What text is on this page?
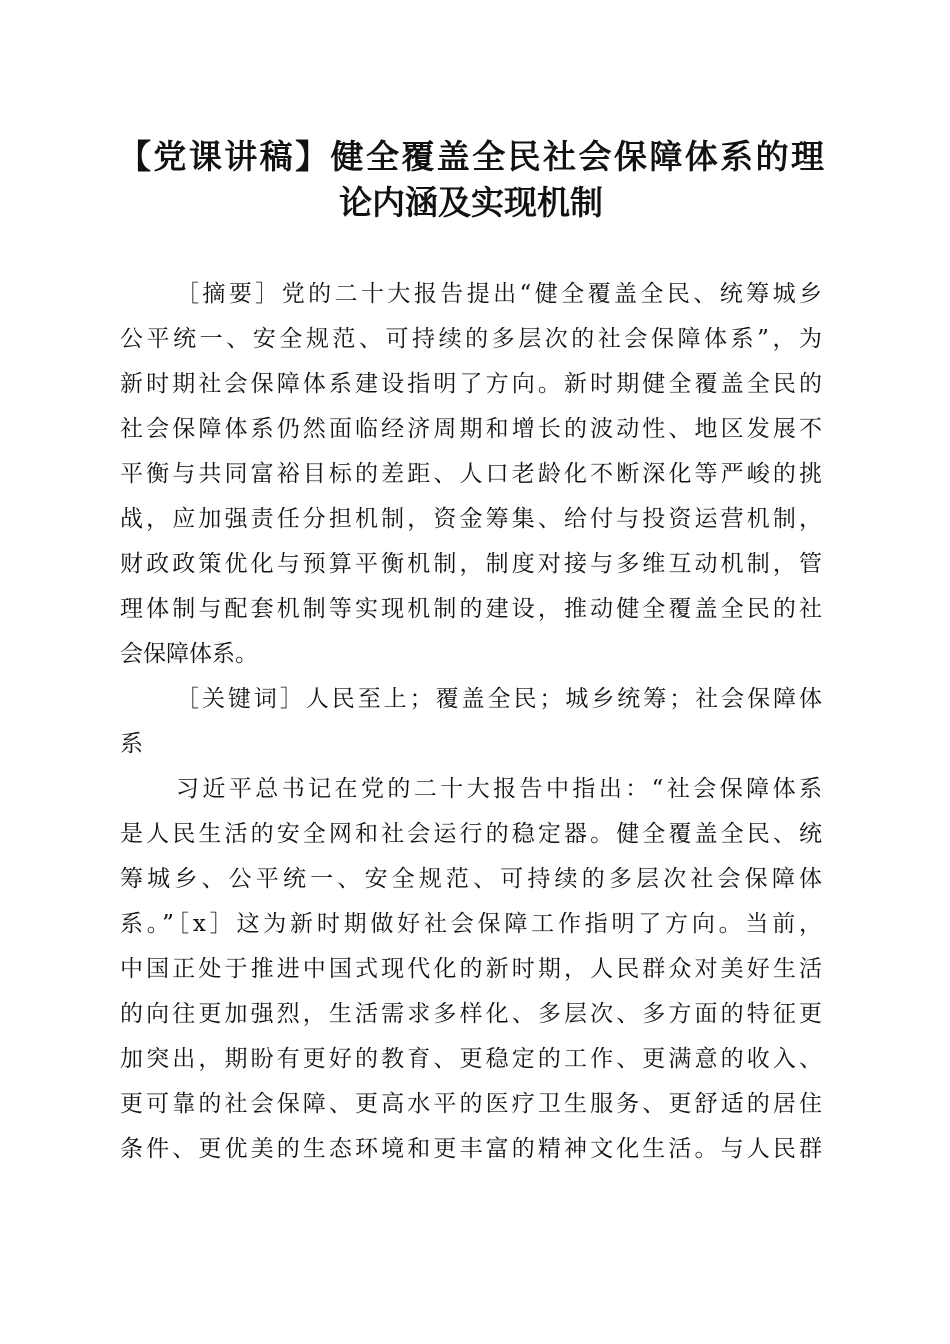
【党课讲稿】健全覆盖全民社会保障体系的理
论内涵及实现机制
［摘要］党的二十大报告提出“健全覆盖全民、统筹城乡
公平统一、安全规范、可持续的多层次的社会保障体系”，为
新时期社会保障体系建设指明了方向。新时期健全覆盖全民的
社会保障体系仍然面临经济周期和增长的波动性、地区发展不
平衡与共同富裕目标的差距、人口老龄化不断深化等严峻的挑
战，应加强责任分担机制，资金筹集、给付与投资运营机制，
财政政策优化与预算平衡机制，制度对接与多维互动机制，管
理体制与配套机制等实现机制的建设，推动健全覆盖全民的社
会保障体系。
［关键词］人民至上；覆盖全民；城乡统筹；社会保障体
系
习近平总书记在党的二十大报告中指出：“社会保障体系
是人民生活的安全网和社会运行的稳定器。健全覆盖全民、统
筹城乡、公平统一、安全规范、可持续的多层次社会保障体
系。”［x］这为新时期做好社会保障工作指明了方向。当前，
中国正处于推进中国式现代化的新时期，人民群众对美好生活
的向往更加强烈，生活需求多样化、多层次、多方面的特征更
加突出，期盼有更好的教育、更稳定的工作、更满意的收入、
更可靠的社会保障、更高水平的医疗卫生服务、更舒适的居住
条件、更优美的生态环境和更丰富的精神文化生活。与人民群
